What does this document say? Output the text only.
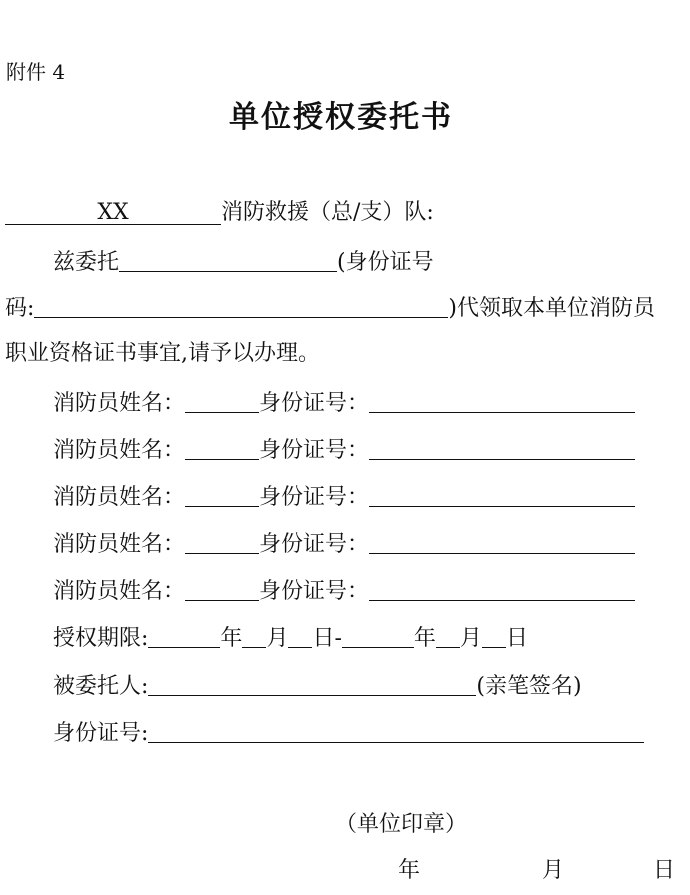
附件 4
单位授权委托书
XX	消防救援（总/支）队:
兹委托	(身份证号
码:	)代领取本单位消防员
职业资格证书事宜,请予以办理。
消防员姓名：	身份证号：
消防员姓名：	身份证号：
消防员姓名：	身份证号：
消防员姓名：	身份证号：
消防员姓名：	身份证号：
授权期限:	年 月 日-	年 月 日
被委托人:	(亲笔签名)
身份证号:
（单位印章）
年	月	日
